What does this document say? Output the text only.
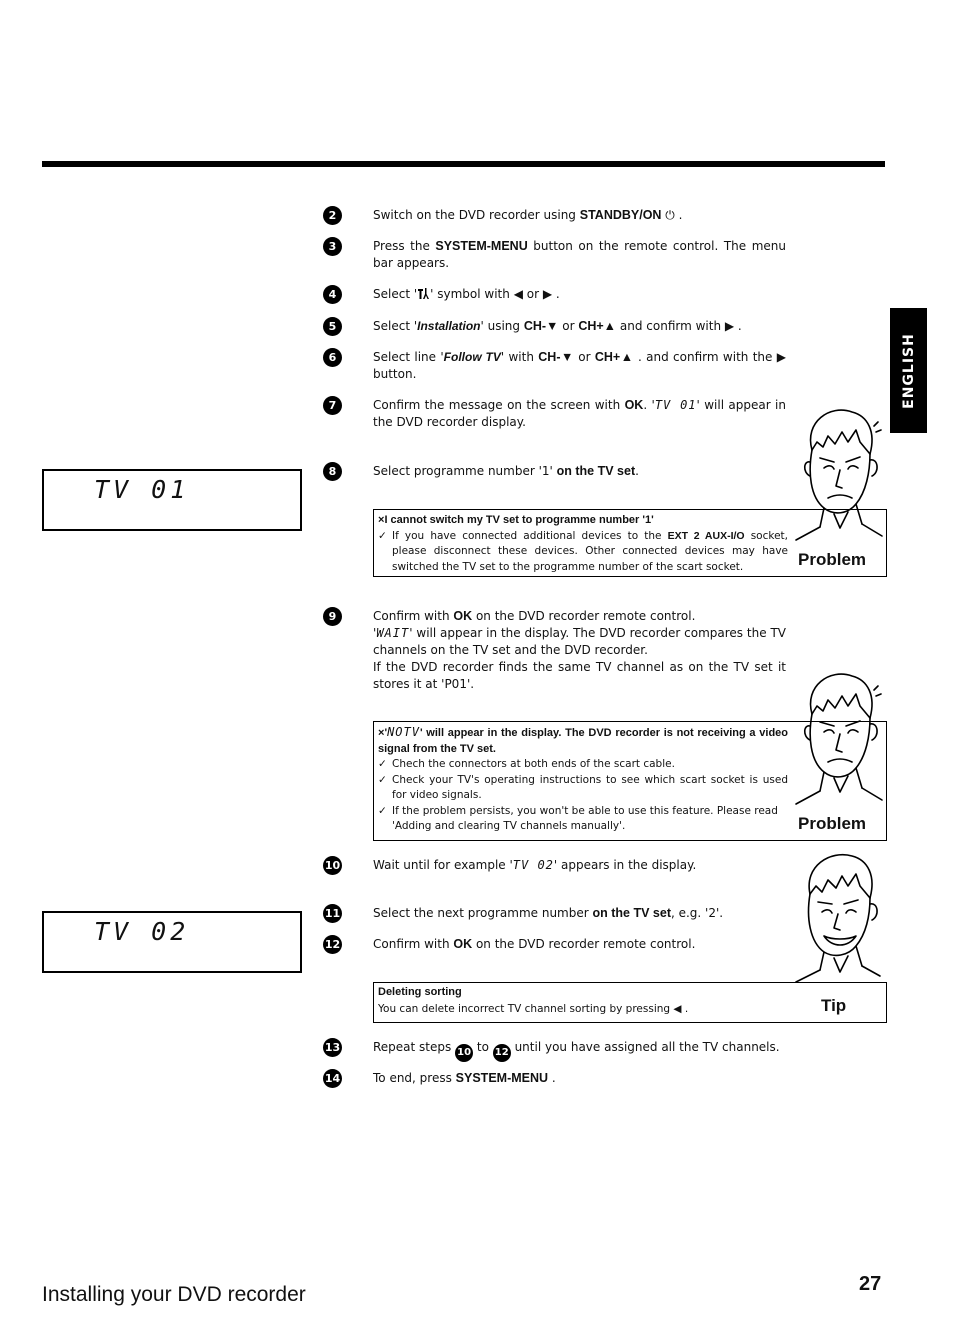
ENGLISH
TV 01
TV 02
2	Switch on the DVD recorder using STANDBY/ON ⏻ .
3	Press the SYSTEM-MENU button on the remote control. The menu bar appears.
4	Select ' ' symbol with ◀ or ▶ .
5	Select 'Installation' using CH-▼ or CH+▲ and confirm with ▶ .
6	Select line 'Follow TV' with CH-▼ or CH+▲ . and confirm with the ▶ button.
7	Confirm the message on the screen with OK. 'TV 01' will appear in the DVD recorder display.
8	Select programme number '1' on the TV set.
×I cannot switch my TV set to programme number '1'
✓ If you have connected additional devices to the EXT 2 AUX-I/O socket, please disconnect these devices. Other connected devices may have switched the TV set to the programme number of the scart socket.	Problem
9	Confirm with OK on the DVD recorder remote control.
'WAIT' will appear in the display. The DVD recorder compares the TV channels on the TV set and the DVD recorder.
If the DVD recorder finds the same TV channel as on the TV set it stores it at 'P01'.
×'NOTV' will appear in the display. The DVD recorder is not receiving a video signal from the TV set.
✓ Chech the connectors at both ends of the scart cable.
✓ Check your TV's operating instructions to see which scart socket is used for video signals.
✓ If the problem persists, you won't be able to use this feature. Please read 'Adding and clearing TV channels manually'.	Problem
10	Wait until for example 'TV 02' appears in the display.
11	Select the next programme number on the TV set, e.g. '2'.
12	Confirm with OK on the DVD recorder remote control.
Deleting sorting
You can delete incorrect TV channel sorting by pressing ◀ .	Tip
13	Repeat steps 10 to 12 until you have assigned all the TV channels.
14	To end, press SYSTEM-MENU .
Installing your DVD recorder	27
